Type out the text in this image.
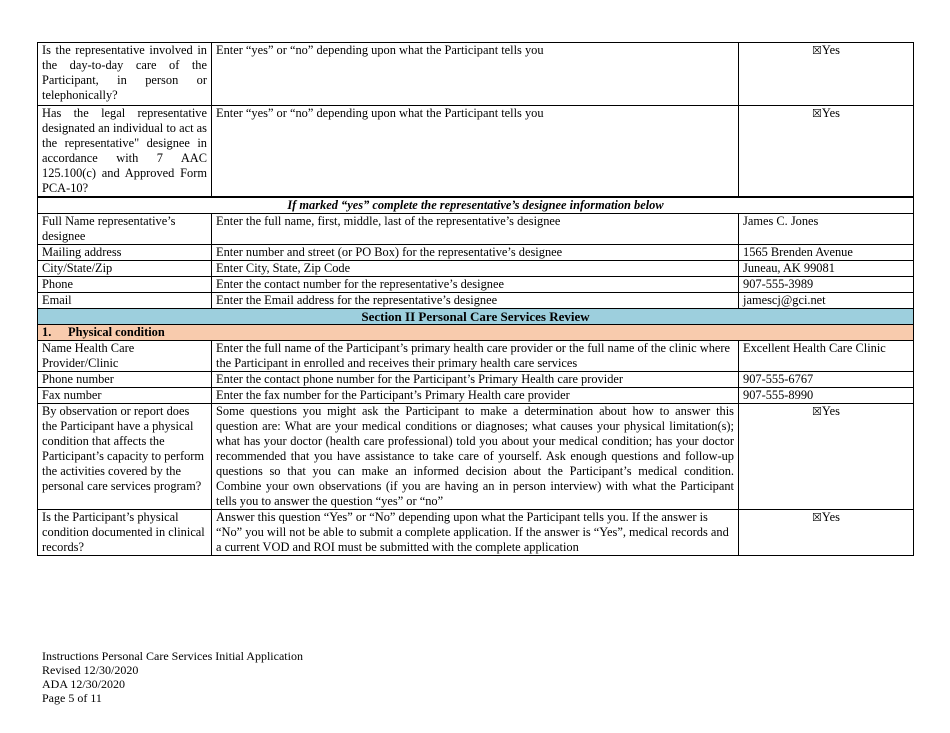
Is the representative involved in the day-to-day care of the Participant, in person or telephonically?	Enter “yes” or “no” depending upon what the Participant tells you	☒Yes
Has the legal representative designated an individual to act as the representative" designee in accordance with 7 AAC 125.100(c) and Approved Form PCA-10?	Enter “yes” or “no” depending upon what the Participant tells you	☒Yes
If marked “yes” complete the representative’s designee information below		
Full Name representative’s designee	Enter the full name, first, middle, last of the representative’s designee	James C. Jones
Mailing address	Enter number and street (or PO Box) for the representative’s designee	1565 Brenden Avenue
City/State/Zip	Enter City, State, Zip Code	Juneau, AK 99081
Phone	Enter the contact number for the representative’s designee	907-555-3989
Email	Enter the Email address for the representative’s designee	jamescj@gci.net
Section II Personal Care Services Review		
1. Physical condition		
Name Health Care Provider/Clinic	Enter the full name of the Participant’s primary health care provider or the full name of the clinic where the Participant in enrolled and receives their primary health care services	Excellent Health Care Clinic
Phone number	Enter the contact phone number for the Participant’s Primary Health care provider	907-555-6767
Fax number	Enter the fax number for the Participant’s Primary Health care provider	907-555-8990
By observation or report does the Participant have a physical condition that affects the Participant’s capacity to perform the activities covered by the personal care services program?	Some questions you might ask the Participant to make a determination about how to answer this question are: What are your medical conditions or diagnoses; what causes your physical limitation(s); what has your doctor (health care professional) told you about your medical condition; has your doctor recommended that you have assistance to take care of yourself. Ask enough questions and follow-up questions so that you can make an informed decision about the Participant’s medical condition. Combine your own observations (if you are having an in person interview) with what the Participant tells you to answer the question “yes” or “no”	☒Yes
Is the Participant’s physical condition documented in clinical records?	Answer this question “Yes” or “No” depending upon what the Participant tells you. If the answer is “No” you will not be able to submit a complete application. If the answer is “Yes”, medical records and a current VOD and ROI must be submitted with the complete application	☒Yes
Instructions Personal Care Services Initial Application
Revised 12/30/2020
ADA 12/30/2020
Page 5 of 11
